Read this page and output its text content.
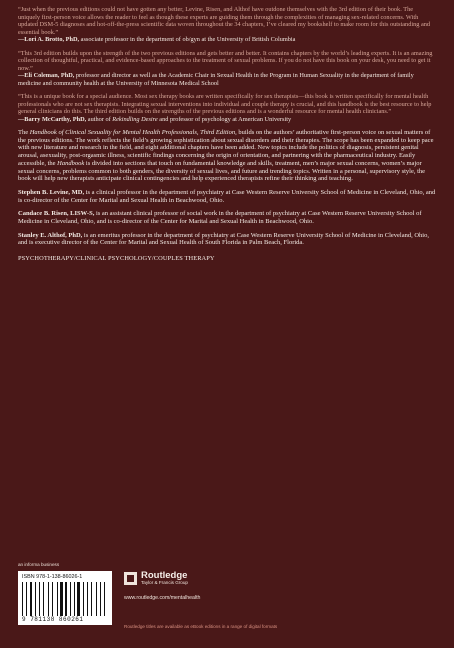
“Just when the previous editions could not have gotten any better, Levine, Risen, and Althof have outdone themselves with the 3rd edition of their book. The uniquely first-person voice allows the reader to feel as though these experts are guiding them through the complexities of managing sex-related concerns. With updated DSM-5 diagnoses and hot-off-the-press scientific data woven throughout the 34 chapters, I’ve cleared my bookshelf to make room for this outstanding and essential book.”

—Lori A. Brotto, PhD, associate professor in the department of ob/gyn at the University of British Columbia

“This 3rd edition builds upon the strength of the two previous editions and gets better and better. It contains chapters by the world’s leading experts. It is an amazing collection of thoughtful, practical, and evidence-based approaches to the treatment of sexual problems. If you do not have this book on your desk, you need to get it now.”

—Eli Coleman, PhD, professor and director as well as the Academic Chair in Sexual Health in the Program in Human Sexuality in the department of family medicine and community health at the University of Minnesota Medical School

“This is a unique book for a special audience. Most sex therapy books are written specifically for sex therapists—this book is written specifically for mental health professionals who are not sex therapists. Integrating sexual interventions into individual and couple therapy is crucial, and this handbook is the best resource to help general clinicians do this. The third edition builds on the strengths of the previous editions and is a wonderful resource for mental health clinicians.”

—Barry McCarthy, PhD, author of Rekindling Desire and professor of psychology at American University

The Handbook of Clinical Sexuality for Mental Health Professionals, Third Edition, builds on the authors’ authoritative first-person voice on sexual matters of the previous editions. The work reflects the field’s growing sophistication about sexual disorders and their therapies. The scope has been expanded to keep pace with new literature and research in the field, and eight additional chapters have been added. New topics include the politics of diagnosis, persistent genital arousal, asexuality, post-orgasmic illness, scientific findings concerning the origin of orientation, and partnering with the pharmaceutical industry. Easily accessible, the Handbook is divided into sections that touch on fundamental knowledge and skills, treatment, men’s major sexual concerns, women’s major sexual concerns, problems common to both genders, the diversity of sexual lives, and future and trending topics. Written in a personal, supervisory style, the book will help new therapists anticipate clinical contingencies and help experienced therapists refine their thinking and teaching.

Stephen B. Levine, MD, is a clinical professor in the department of psychiatry at Case Western Reserve University School of Medicine in Cleveland, Ohio, and is co-director of the Center for Marital and Sexual Health in Beachwood, Ohio.

Candace B. Risen, LISW-S, is an assistant clinical professor of social work in the department of psychiatry at Case Western Reserve University School of Medicine in Cleveland, Ohio, and is co-director of the Center for Marital and Sexual Health in Beachwood, Ohio.

Stanley E. Althof, PhD, is an emeritus professor in the department of psychiatry at Case Western Reserve University School of Medicine in Cleveland, Ohio, and is executive director of the Center for Marital and Sexual Health of South Florida in Palm Beach, Florida.

PSYCHOTHERAPY/CLINICAL PSYCHOLOGY/COUPLES THERAPY
an informa business
ISBN 978-1-138-86026-1
9 781138 860261
Routledge
Taylor & Francis Group
www.routledge.com/mentalhealth
Routledge titles are available as eBook editions in a range of digital formats
